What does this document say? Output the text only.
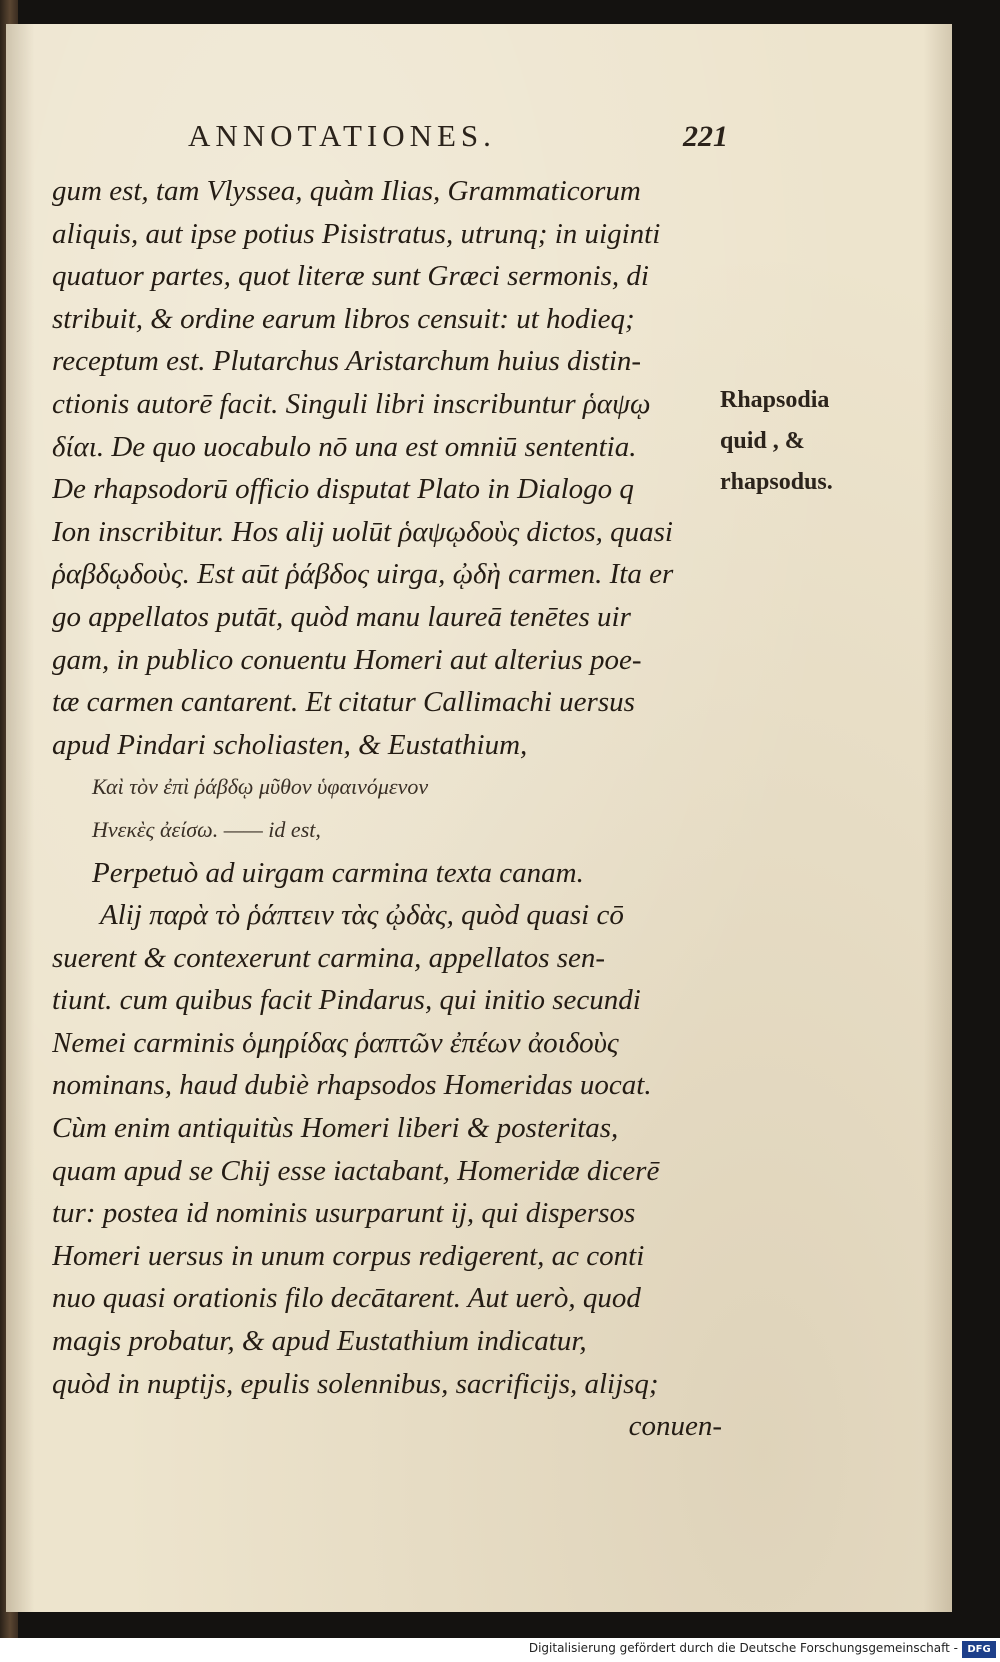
ANNOTATIONES.	221
gum est, tam Vlyssea, quàm Ilias, Grammaticorum
aliquis, aut ipse potius Pisistratus, utrunq; in uiginti
quatuor partes, quot literæ sunt Græci sermonis, di
stribuit, & ordine earum libros censuit: ut hodieq;
receptum est. Plutarchus Aristarchum huius distin-
ctionis autorē facit. Singuli libri inscribuntur ῥαψῳ
δίαι. De quo uocabulo nō una est omniū sententia.
De rhapsodorū officio disputat Plato in Dialogo q
Ion inscribitur. Hos alij uolūt ῥαψῳδοὺς dictos, quasi
ῥαβδῳδοὺς. Est aūt ῥάβδος uirga, ᾠδὴ carmen. Ita er
go appellatos putāt, quòd manu laureā tenētes uir
gam, in publico conuentu Homeri aut alterius poe-
tæ carmen cantarent. Et citatur Callimachi uersus
apud Pindari scholiasten, & Eustathium,
Καὶ τὸν ἐπὶ ῥάβδῳ μῦθον ὑφαινόμενον
Ηνεκὲς ἀείσω. —— id est,
Perpetuò ad uirgam carmina texta canam.
Alij παρὰ τὸ ῥάπτειν τὰς ᾠδὰς, quòd quasi cō
suerent & contexerunt carmina, appellatos sen-
tiunt. cum quibus facit Pindarus, qui initio secundi
Nemei carminis ὁμηρίδας ῥαπτῶν ἐπέων ἀοιδοὺς
nominans, haud dubiè rhapsodos Homeridas uocat.
Cùm enim antiquitùs Homeri liberi & posteritas,
quam apud se Chij esse iactabant, Homeridæ dicerē
tur: postea id nominis usurparunt ij, qui dispersos
Homeri uersus in unum corpus redigerent, ac conti
nuo quasi orationis filo decātarent. Aut uerò, quod
magis probatur, & apud Eustathium indicatur,
quòd in nuptijs, epulis solennibus, sacrificijs, alijsq;
conuen-
Rhapsodia
quid , &
rhapsodus.
Digitalisierung gefördert durch die Deutsche Forschungsgemeinschaft - DFG
